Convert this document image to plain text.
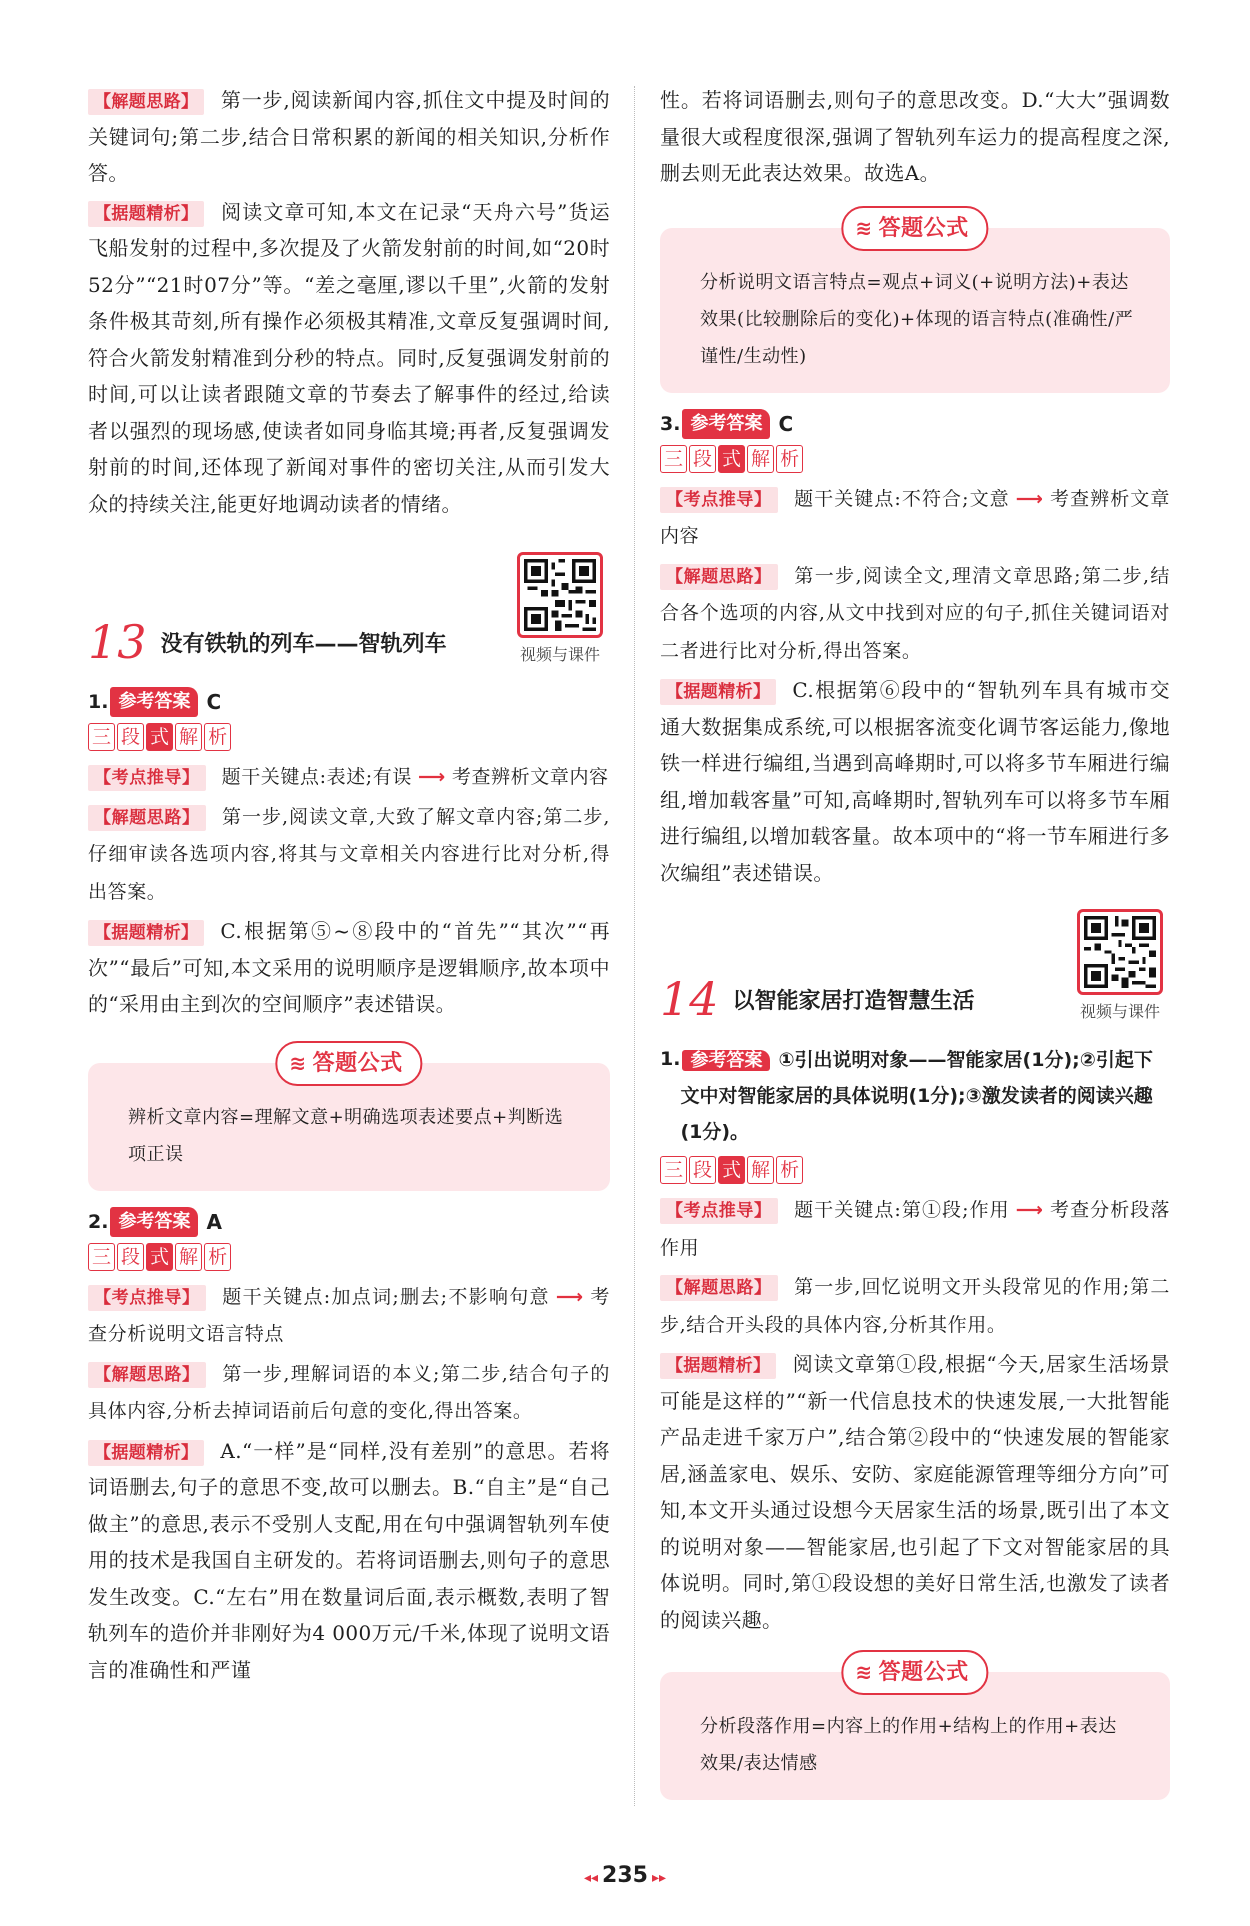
【解题思路】 第一步,阅读新闻内容,抓住文中提及时间的关键词句;第二步,结合日常积累的新闻的相关知识,分析作答。

【据题精析】 阅读文章可知,本文在记录“天舟六号”货运飞船发射的过程中,多次提及了火箭发射前的时间,如“20时52分”“21时07分”等。“差之毫厘,谬以千里”,火箭的发射条件极其苛刻,所有操作必须极其精准,文章反复强调时间,符合火箭发射精准到分秒的特点。同时,反复强调发射前的时间,可以让读者跟随文章的节奏去了解事件的经过,给读者以强烈的现场感,使读者如同身临其境;再者,反复强调发射前的时间,还体现了新闻对事件的密切关注,从而引发大众的持续关注,能更好地调动读者的情绪。

13 没有铁轨的列车——智轨列车	视频与课件
1. 参考答案 C
三 段 式 解 析

【考点推导】 题干关键点:表述;有误 ⟶ 考查辨析文章内容

【解题思路】 第一步,阅读文章,大致了解文章内容;第二步,仔细审读各选项内容,将其与文章相关内容进行比对分析,得出答案。

【据题精析】 C.根据第⑤~⑧段中的“首先”“其次”“再次”“最后”可知,本文采用的说明顺序是逻辑顺序,故本项中的“采用由主到次的空间顺序”表述错误。

≋ 答题公式
辨析文章内容=理解文意+明确选项表述要点+判断选项正误
2. 参考答案 A
三 段 式 解 析

【考点推导】 题干关键点:加点词;删去;不影响句意 ⟶ 考查分析说明文语言特点

【解题思路】 第一步,理解词语的本义;第二步,结合句子的具体内容,分析去掉词语前后句意的变化,得出答案。

【据题精析】 A.“一样”是“同样,没有差别”的意思。若将词语删去,句子的意思不变,故可以删去。B.“自主”是“自己做主”的意思,表示不受别人支配,用在句中强调智轨列车使用的技术是我国自主研发的。若将词语删去,则句子的意思发生改变。C.“左右”用在数量词后面,表示概数,表明了智轨列车的造价并非刚好为4 000万元/千米,体现了说明文语言的准确性和严谨

性。若将词语删去,则句子的意思改变。D.“大大”强调数量很大或程度很深,强调了智轨列车运力的提高程度之深,删去则无此表达效果。故选A。

≋ 答题公式
分析说明文语言特点=观点+词义(+说明方法)+表达效果(比较删除后的变化)+体现的语言特点(准确性/严谨性/生动性)
3. 参考答案 C
三 段 式 解 析

【考点推导】 题干关键点:不符合;文意 ⟶ 考查辨析文章内容

【解题思路】 第一步,阅读全文,理清文章思路;第二步,结合各个选项的内容,从文中找到对应的句子,抓住关键词语对二者进行比对分析,得出答案。

【据题精析】 C.根据第⑥段中的“智轨列车具有城市交通大数据集成系统,可以根据客流变化调节客运能力,像地铁一样进行编组,当遇到高峰期时,可以将多节车厢进行编组,增加载客量”可知,高峰期时,智轨列车可以将多节车厢进行编组,以增加载客量。故本项中的“将一节车厢进行多次编组”表述错误。

14 以智能家居打造智慧生活	视频与课件
1. 参考答案 ①引出说明对象——智能家居(1分);②引起下文中对智能家居的具体说明(1分);③激发读者的阅读兴趣(1分)。
三 段 式 解 析

【考点推导】 题干关键点:第①段;作用 ⟶ 考查分析段落作用

【解题思路】 第一步,回忆说明文开头段常见的作用;第二步,结合开头段的具体内容,分析其作用。

【据题精析】 阅读文章第①段,根据“今天,居家生活场景可能是这样的”“新一代信息技术的快速发展,一大批智能产品走进千家万户”,结合第②段中的“快速发展的智能家居,涵盖家电、娱乐、安防、家庭能源管理等细分方向”可知,本文开头通过设想今天居家生活的场景,既引出了本文的说明对象——智能家居,也引起了下文对智能家居的具体说明。同时,第①段设想的美好日常生活,也激发了读者的阅读兴趣。

≋ 答题公式
分析段落作用=内容上的作用+结构上的作用+表达效果/表达情感
◂◂ 235 ▸▸
